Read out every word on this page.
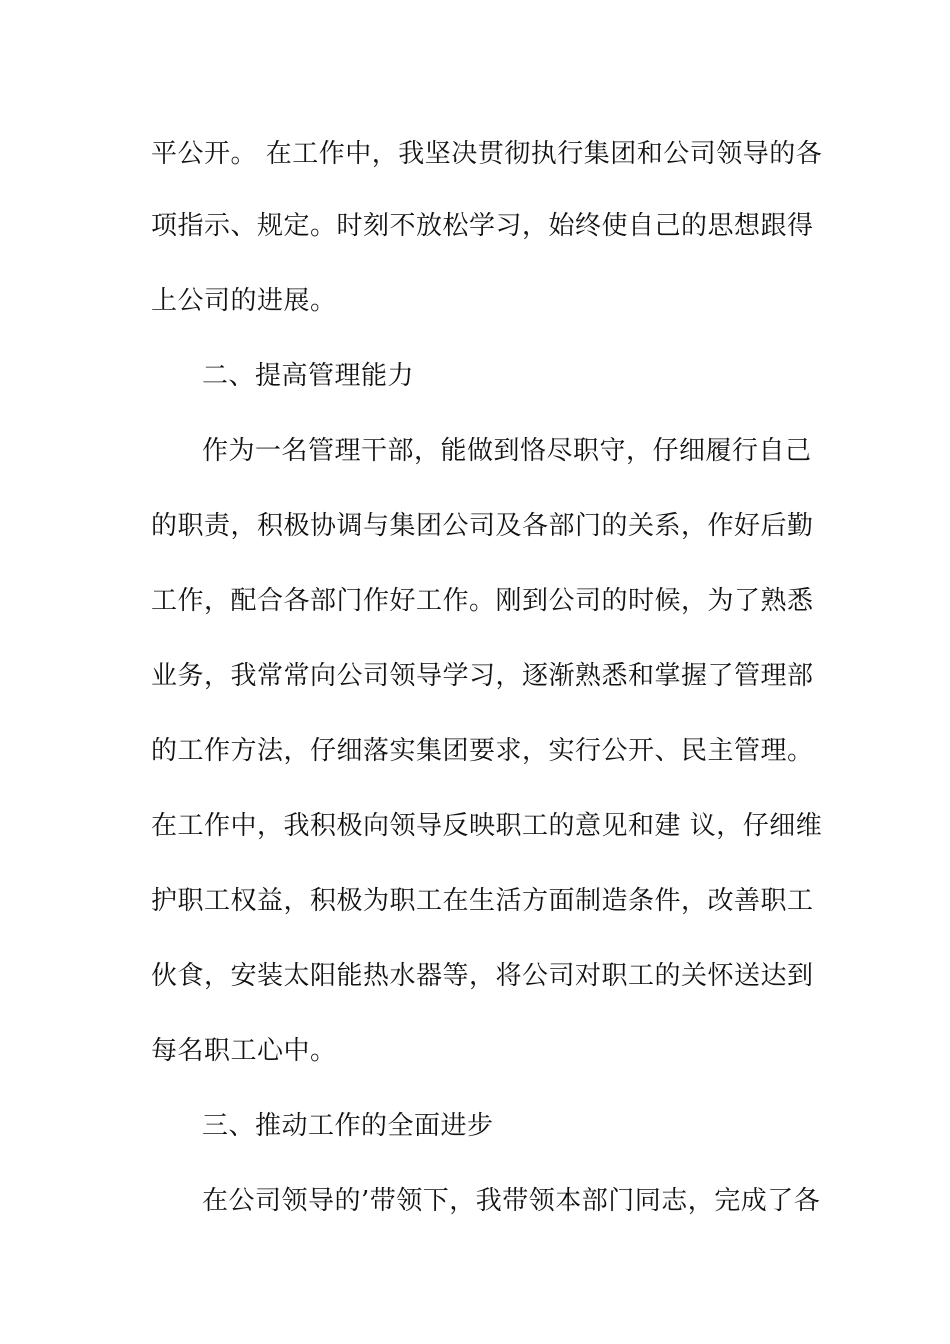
平公开。 在工作中，我坚决贯彻执行集团和公司领导的各
项指示、规定。时刻不放松学习，始终使自己的思想跟得
上公司的进展。
二、提高管理能力
作为一名管理干部，能做到恪尽职守，仔细履行自己
的职责，积极协调与集团公司及各部门的关系，作好后勤
工作，配合各部门作好工作。刚到公司的时候，为了熟悉
业务，我常常向公司领导学习，逐渐熟悉和掌握了管理部
的工作方法，仔细落实集团要求，实行公开、民主管理。
在工作中，我积极向领导反映职工的意见和建 议，仔细维
护职工权益，积极为职工在生活方面制造条件，改善职工
伙食，安装太阳能热水器等，将公司对职工的关怀送达到
每名职工心中。
三、推动工作的全面进步
在公司领导的’带领下，我带领本部门同志，完成了各
